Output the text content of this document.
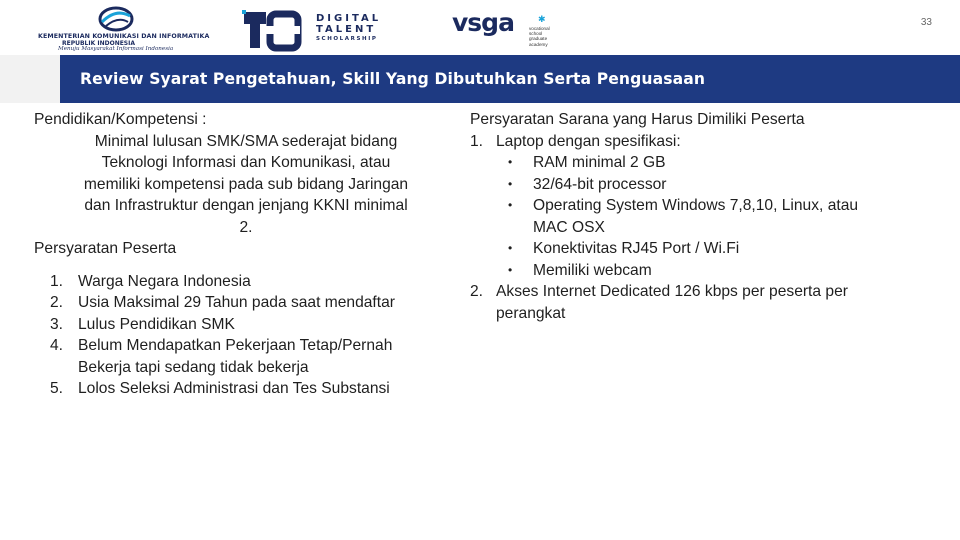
KEMENTERIAN KOMUNIKASI DAN INFORMATIKA
REPUBLIK INDONESIA
Menuju Masyarakat Informasi Indonesia
DIGITAL
TALENT
SCHOLARSHIP
vsga	✱
vocational
school
graduate
academy
33
Review Syarat Pengetahuan, Skill Yang Dibutuhkan Serta Penguasaan
Pendidikan/Kompetensi :
Minimal lulusan SMK/SMA sederajat bidang
Teknologi Informasi dan Komunikasi, atau
memiliki kompetensi pada sub bidang Jaringan
dan Infrastruktur dengan jenjang KKNI minimal
2.
Persyaratan Peserta
1. Warga Negara Indonesia
2. Usia Maksimal 29 Tahun pada saat mendaftar
3. Lulus Pendidikan SMK
4. Belum Mendapatkan Pekerjaan Tetap/Pernah
Bekerja tapi sedang tidak bekerja
5. Lolos Seleksi Administrasi dan Tes Substansi
Persyaratan Sarana yang Harus Dimiliki Peserta
1. Laptop dengan spesifikasi:
• RAM minimal 2 GB
• 32/64-bit processor
• Operating System Windows 7,8,10, Linux, atau
MAC OSX
• Konektivitas RJ45 Port / Wi.Fi
• Memiliki webcam
2. Akses Internet Dedicated 126 kbps per peserta per
perangkat
